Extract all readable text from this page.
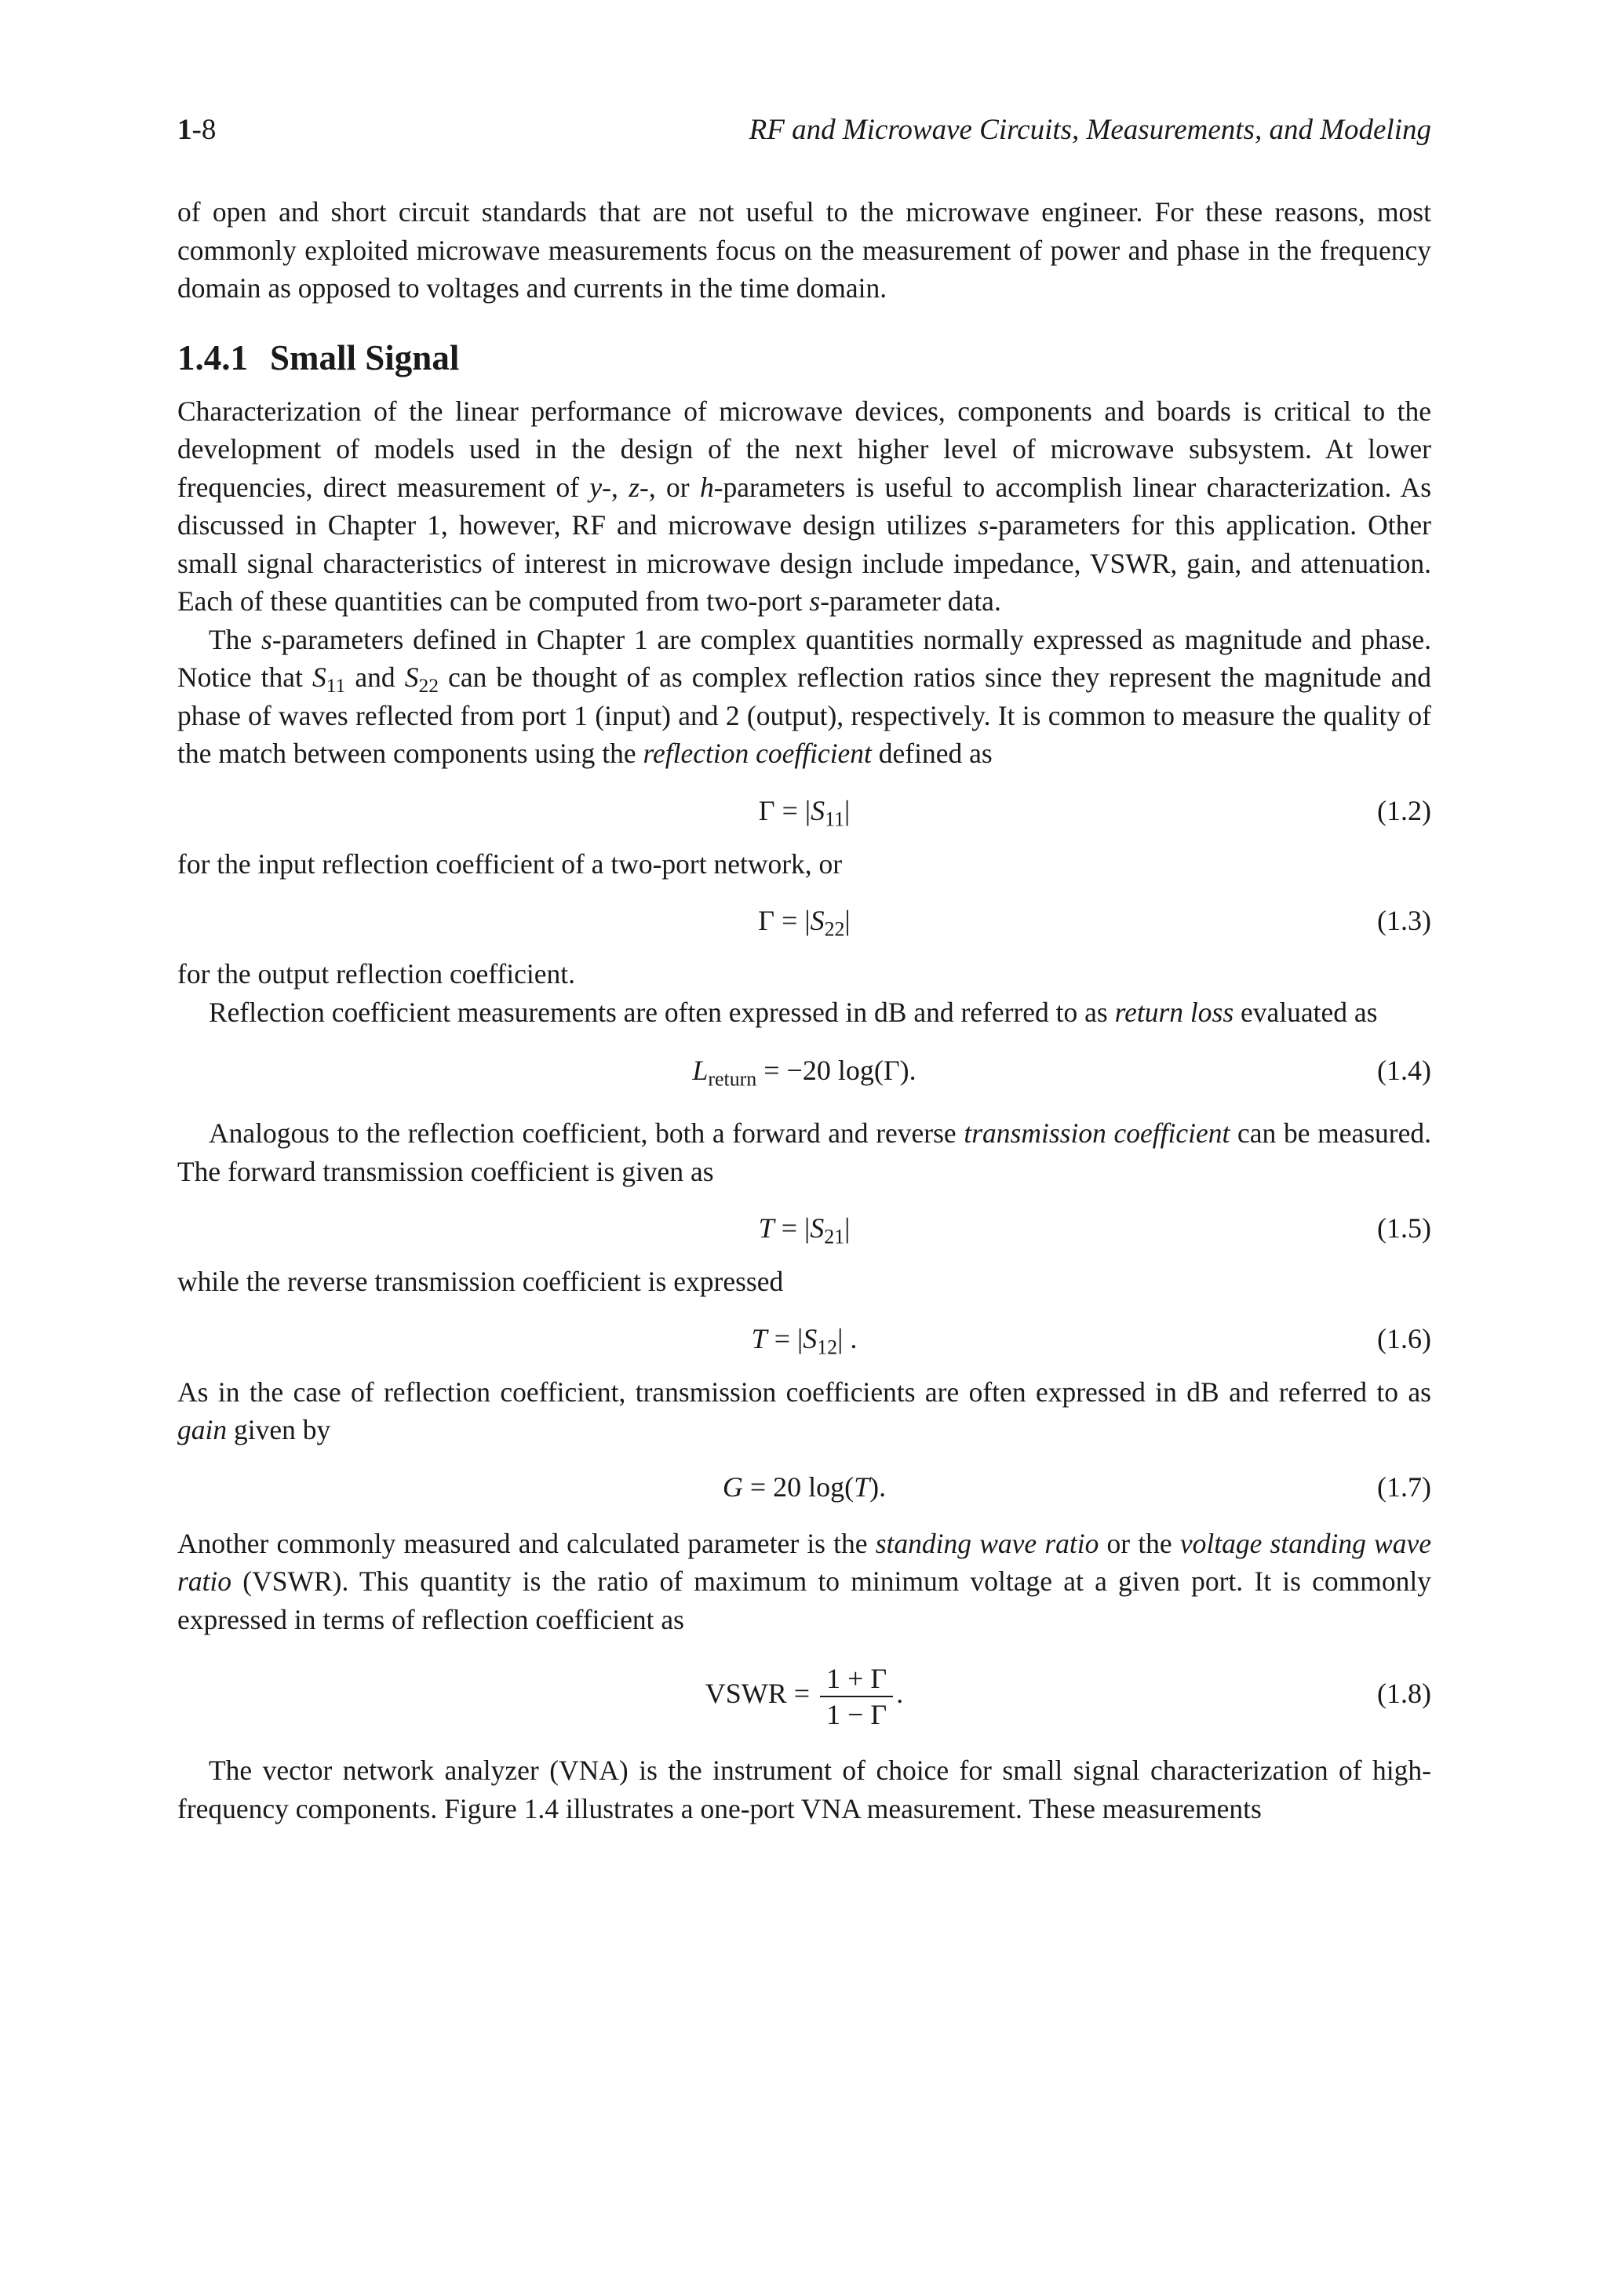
1-8	RF and Microwave Circuits, Measurements, and Modeling

of open and short circuit standards that are not useful to the microwave engineer. For these reasons, most commonly exploited microwave measurements focus on the measurement of power and phase in the frequency domain as opposed to voltages and currents in the time domain.

1.4.1 Small Signal

Characterization of the linear performance of microwave devices, components and boards is critical to the development of models used in the design of the next higher level of microwave subsystem. At lower frequencies, direct measurement of y-, z-, or h-parameters is useful to accomplish linear characterization. As discussed in Chapter 1, however, RF and microwave design utilizes s-parameters for this application. Other small signal characteristics of interest in microwave design include impedance, VSWR, gain, and attenuation. Each of these quantities can be computed from two-port s-parameter data.

The s-parameters defined in Chapter 1 are complex quantities normally expressed as magnitude and phase. Notice that $S_{11}$ and $S_{22}$ can be thought of as complex reflection ratios since they represent the magnitude and phase of waves reflected from port 1 (input) and 2 (output), respectively. It is common to measure the quality of the match between components using the reflection coefficient defined as

$\Gamma = |S_{11}|$	(1.2)

for the input reflection coefficient of a two-port network, or

$\Gamma = |S_{22}|$	(1.3)

for the output reflection coefficient.

Reflection coefficient measurements are often expressed in dB and referred to as return loss evaluated as

$L_{return} = -20$ log(Γ).	(1.4)

Analogous to the reflection coefficient, both a forward and reverse transmission coefficient can be measured. The forward transmission coefficient is given as

$T = |S_{21}|$	(1.5)

while the reverse transmission coefficient is expressed

$T = |S_{12}|$ .	(1.6)

As in the case of reflection coefficient, transmission coefficients are often expressed in dB and referred to as gain given by

G = 20 log(T).	(1.7)

Another commonly measured and calculated parameter is the standing wave ratio or the voltage standing wave ratio (VSWR). This quantity is the ratio of maximum to minimum voltage at a given port. It is commonly expressed in terms of reflection coefficient as

VSWR = $\frac{1 + \Gamma}{1 - \Gamma}$ .	(1.8)

The vector network analyzer (VNA) is the instrument of choice for small signal characterization of high-frequency components. Figure 1.4 illustrates a one-port VNA measurement. These measurements
